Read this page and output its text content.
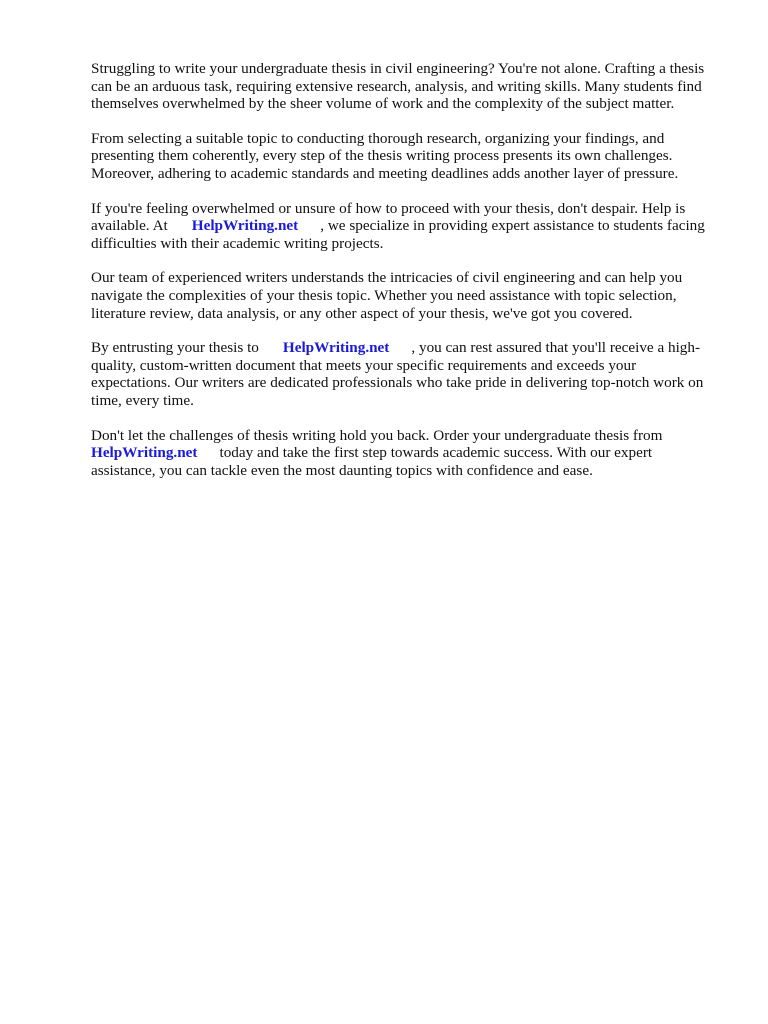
Struggling to write your undergraduate thesis in civil engineering? You're not alone. Crafting a thesis
can be an arduous task, requiring extensive research, analysis, and writing skills. Many students find
themselves overwhelmed by the sheer volume of work and the complexity of the subject matter.

From selecting a suitable topic to conducting thorough research, organizing your findings, and
presenting them coherently, every step of the thesis writing process presents its own challenges.
Moreover, adhering to academic standards and meeting deadlines adds another layer of pressure.

If you're feeling overwhelmed or unsure of how to proceed with your thesis, don't despair. Help is
available. At HelpWriting.net , we specialize in providing expert assistance to students facing
difficulties with their academic writing projects.

Our team of experienced writers understands the intricacies of civil engineering and can help you
navigate the complexities of your thesis topic. Whether you need assistance with topic selection,
literature review, data analysis, or any other aspect of your thesis, we've got you covered.

By entrusting your thesis to HelpWriting.net , you can rest assured that you'll receive a high-
quality, custom-written document that meets your specific requirements and exceeds your
expectations. Our writers are dedicated professionals who take pride in delivering top-notch work on
time, every time.

Don't let the challenges of thesis writing hold you back. Order your undergraduate thesis from
HelpWriting.net today and take the first step towards academic success. With our expert
assistance, you can tackle even the most daunting topics with confidence and ease.
